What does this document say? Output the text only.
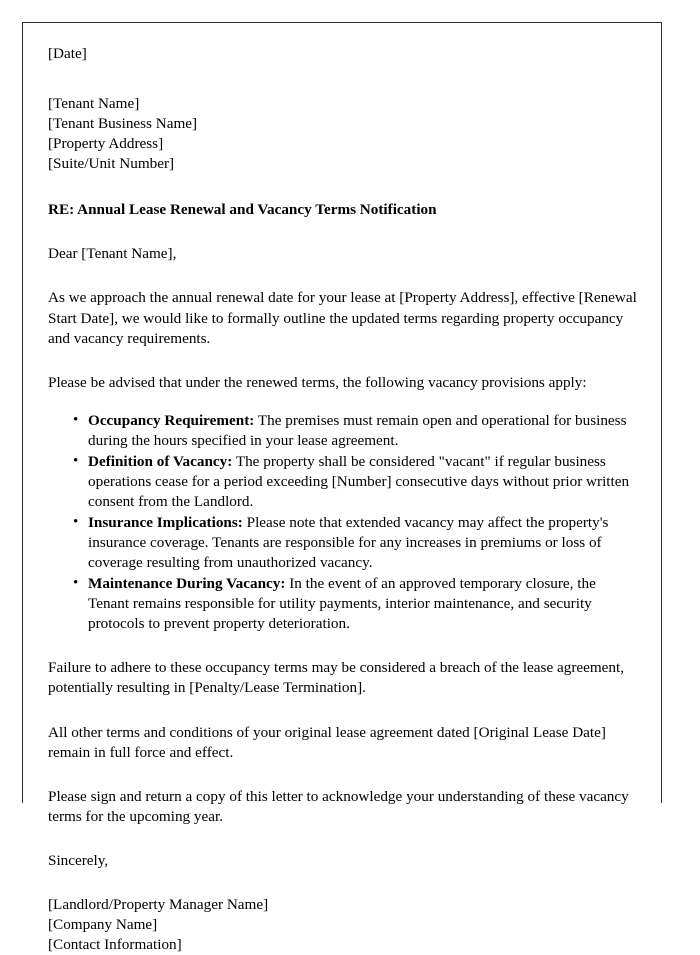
[Date]
[Tenant Name]
[Tenant Business Name]
[Property Address]
[Suite/Unit Number]
RE: Annual Lease Renewal and Vacancy Terms Notification
Dear [Tenant Name],

As we approach the annual renewal date for your lease at [Property Address], effective [Renewal Start Date], we would like to formally outline the updated terms regarding property occupancy and vacancy requirements.

Please be advised that under the renewed terms, the following vacancy provisions apply:

• Occupancy Requirement: The premises must remain open and operational for business during the hours specified in your lease agreement.
• Definition of Vacancy: The property shall be considered "vacant" if regular business operations cease for a period exceeding [Number] consecutive days without prior written consent from the Landlord.
• Insurance Implications: Please note that extended vacancy may affect the property's insurance coverage. Tenants are responsible for any increases in premiums or loss of coverage resulting from unauthorized vacancy.
• Maintenance During Vacancy: In the event of an approved temporary closure, the Tenant remains responsible for utility payments, interior maintenance, and security protocols to prevent property deterioration.

Failure to adhere to these occupancy terms may be considered a breach of the lease agreement, potentially resulting in [Penalty/Lease Termination].

All other terms and conditions of your original lease agreement dated [Original Lease Date] remain in full force and effect.

Please sign and return a copy of this letter to acknowledge your understanding of these vacancy terms for the upcoming year.

Sincerely,

[Landlord/Property Manager Name]
[Company Name]
[Contact Information]
